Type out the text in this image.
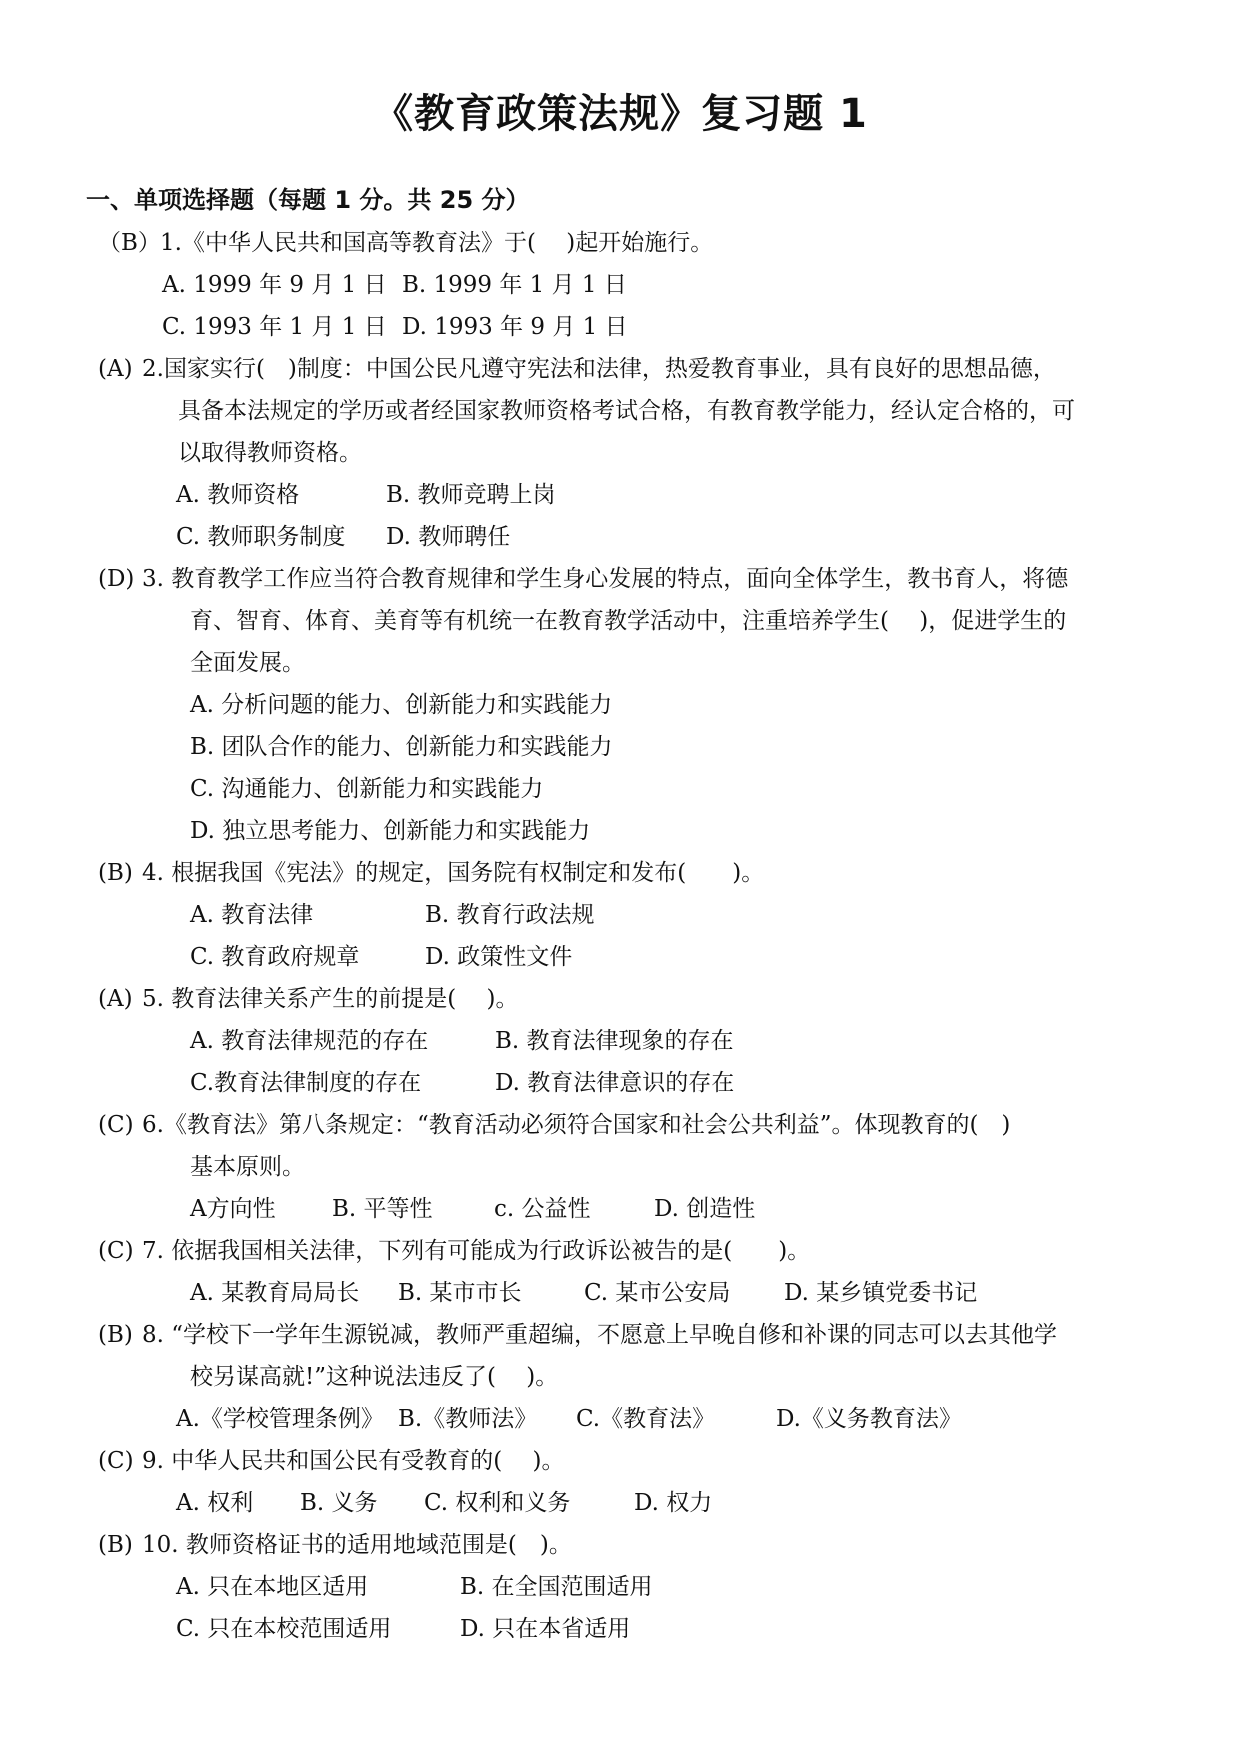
《教育政策法规》复习题 1
一、单项选择题（每题 1 分。共 25 分）
（B）1.《中华人民共和国高等教育法》于(　 )起开始施行。
A. 1999 年 9 月 1 日 B. 1999 年 1 月 1 日
C. 1993 年 1 月 1 日 D. 1993 年 9 月 1 日
(A) 2.国家实行(　)制度：中国公民凡遵守宪法和法律，热爱教育事业，具有良好的思想品德，
具备本法规定的学历或者经国家教师资格考试合格，有教育教学能力，经认定合格的，可
以取得教师资格。
A. 教师资格	B. 教师竞聘上岗
C. 教师职务制度 D. 教师聘任
(D) 3. 教育教学工作应当符合教育规律和学生身心发展的特点，面向全体学生，教书育人，将德
育、智育、体育、美育等有机统一在教育教学活动中，注重培养学生(　 )，促进学生的
全面发展。
A. 分析问题的能力、创新能力和实践能力
B. 团队合作的能力、创新能力和实践能力
C. 沟通能力、创新能力和实践能力
D. 独立思考能力、创新能力和实践能力
(B) 4. 根据我国《宪法》的规定，国务院有权制定和发布(　　)。
A. 教育法律	B. 教育行政法规
C. 教育政府规章	D. 政策性文件
(A) 5. 教育法律关系产生的前提是(　 )。
A. 教育法律规范的存在	B. 教育法律现象的存在
C.教育法律制度的存在	D. 教育法律意识的存在
(C) 6.《教育法》第八条规定：“教育活动必须符合国家和社会公共利益”。体现教育的(　)
基本原则。
A方向性 B. 平等性	c. 公益性	D. 创造性
(C) 7. 依据我国相关法律，下列有可能成为行政诉讼被告的是(　　)。
A. 某教育局局长 B. 某市市长	C. 某市公安局 D. 某乡镇党委书记
(B) 8. “学校下一学年生源锐减，教师严重超编，不愿意上早晚自修和补课的同志可以去其他学
校另谋高就!”这种说法违反了(　 )。
A.《学校管理条例》 B.《教师法》 C.《教育法》	D.《义务教育法》
(C) 9. 中华人民共和国公民有受教育的(　 )。
A. 权利 B. 义务 C. 权利和义务	D. 权力
(B) 10. 教师资格证书的适用地域范围是(　)。
A. 只在本地区适用	B. 在全国范围适用
C. 只在本校范围适用	D. 只在本省适用
